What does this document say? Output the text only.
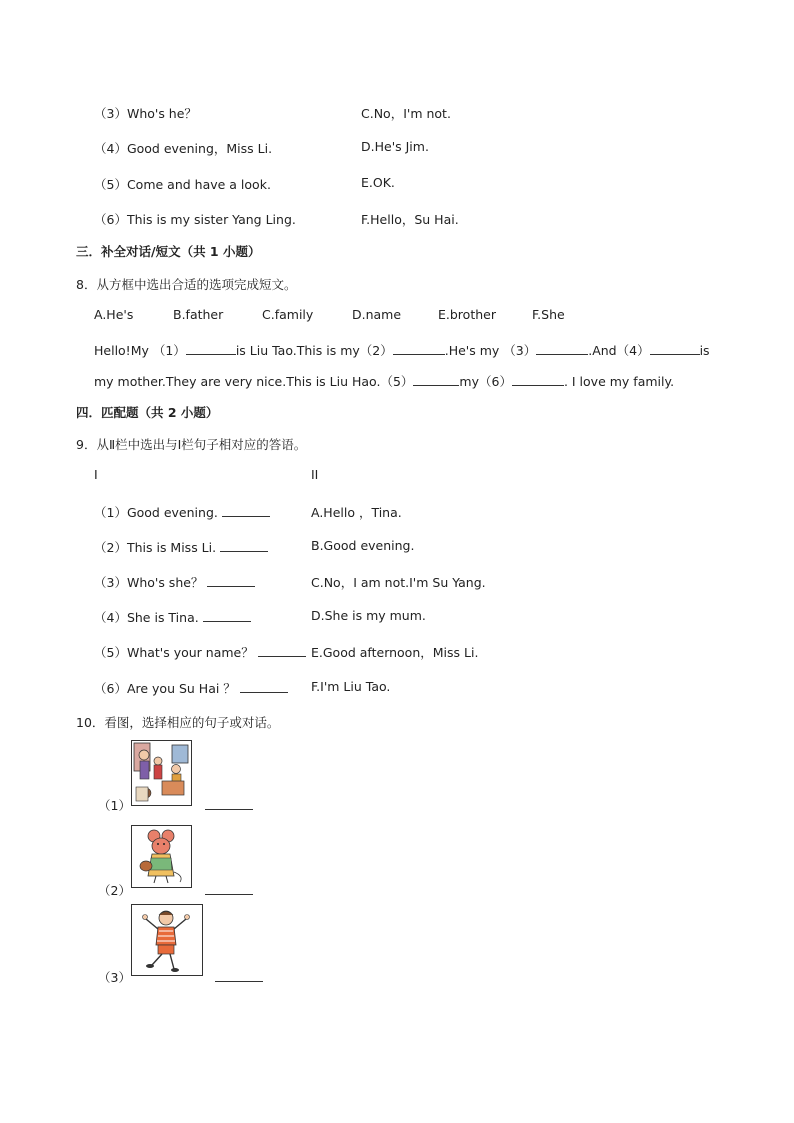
（3）Who's he？	C.No，I'm not.
（4）Good evening，Miss Li.	D.He's Jim.
（5）Come and have a look.	E.OK.
（6）This is my sister Yang Ling.	F.Hello，Su Hai.
三．补全对话/短文（共 1 小题）
8．从方框中选出合适的选项完成短文。
A.He's	B.father	C.family	D.name	E.brother	F.She
Hello!My （1）	is Liu Tao.This is my（2）	.He's my （3）	.And（4）	is
my mother.They are very nice.This is Liu Hao.（5）	my（6）	. I love my family.
四．匹配题（共 2 小题）
9．从Ⅱ栏中选出与Ⅰ栏句子相对应的答语。
I	II
（1）Good evening.	A.Hello ，Tina.
（2）This is Miss Li.	B.Good evening.
（3）Who's she？	C.No，I am not.I'm Su Yang.
（4）She is Tina.	D.She is my mum.
（5）What's your name？	E.Good afternoon，Miss Li.
（6）Are you Su Hai ？	F.I'm Liu Tao.
10．看图，选择相应的句子或对话。
（1）
（2）
（3）
